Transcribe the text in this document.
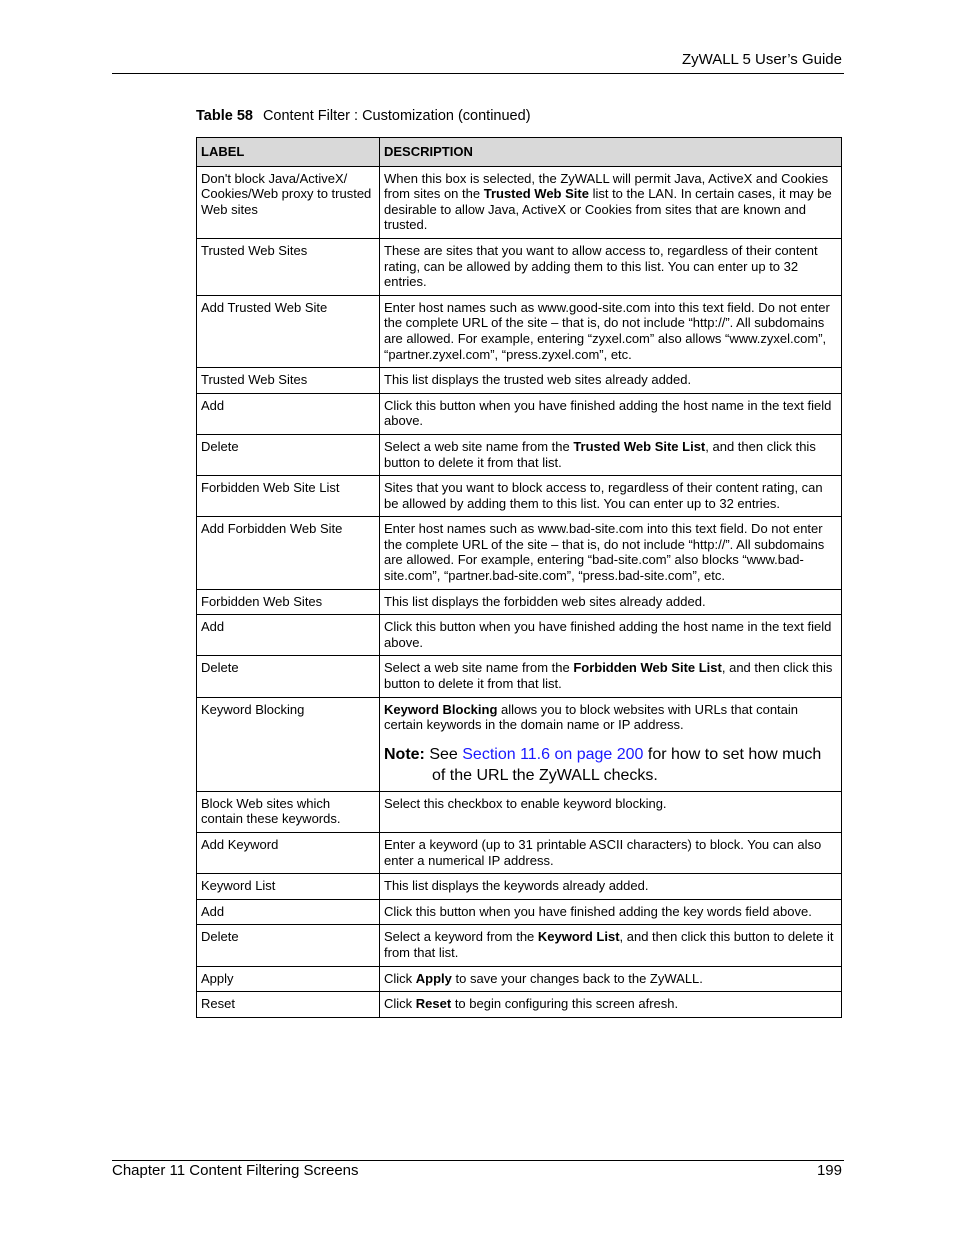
ZyWALL 5 User’s Guide
Table 58 Content Filter : Customization (continued)
LABEL	DESCRIPTION
Don't block Java/ActiveX/ Cookies/Web proxy to trusted Web sites	When this box is selected, the ZyWALL will permit Java, ActiveX and Cookies from sites on the Trusted Web Site list to the LAN. In certain cases, it may be desirable to allow Java, ActiveX or Cookies from sites that are known and trusted.
Trusted Web Sites	These are sites that you want to allow access to, regardless of their content rating, can be allowed by adding them to this list. You can enter up to 32 entries.
Add Trusted Web Site	Enter host names such as www.good-site.com into this text field. Do not enter the complete URL of the site – that is, do not include “http://”. All subdomains are allowed. For example, entering “zyxel.com” also allows “www.zyxel.com”, “partner.zyxel.com”, “press.zyxel.com”, etc.
Trusted Web Sites	This list displays the trusted web sites already added.
Add	Click this button when you have finished adding the host name in the text field above.
Delete	Select a web site name from the Trusted Web Site List, and then click this button to delete it from that list.
Forbidden Web Site List	Sites that you want to block access to, regardless of their content rating, can be allowed by adding them to this list. You can enter up to 32 entries.
Add Forbidden Web Site	Enter host names such as www.bad-site.com into this text field. Do not enter the complete URL of the site – that is, do not include “http://”. All subdomains are allowed. For example, entering “bad-site.com” also blocks “www.bad-site.com”, “partner.bad-site.com”, “press.bad-site.com”, etc.
Forbidden Web Sites	This list displays the forbidden web sites already added.
Add	Click this button when you have finished adding the host name in the text field above.
Delete	Select a web site name from the Forbidden Web Site List, and then click this button to delete it from that list.
Keyword Blocking	Keyword Blocking allows you to block websites with URLs that contain certain keywords in the domain name or IP address.
Note: See Section 11.6 on page 200 for how to set how much of the URL the ZyWALL checks.

Block Web sites which contain these keywords.	Select this checkbox to enable keyword blocking.
Add Keyword	Enter a keyword (up to 31 printable ASCII characters) to block. You can also enter a numerical IP address.
Keyword List	This list displays the keywords already added.
Add	Click this button when you have finished adding the key words field above.
Delete	Select a keyword from the Keyword List, and then click this button to delete it from that list.
Apply	Click Apply to save your changes back to the ZyWALL.
Reset	Click Reset to begin configuring this screen afresh.
Chapter 11 Content Filtering Screens	199
